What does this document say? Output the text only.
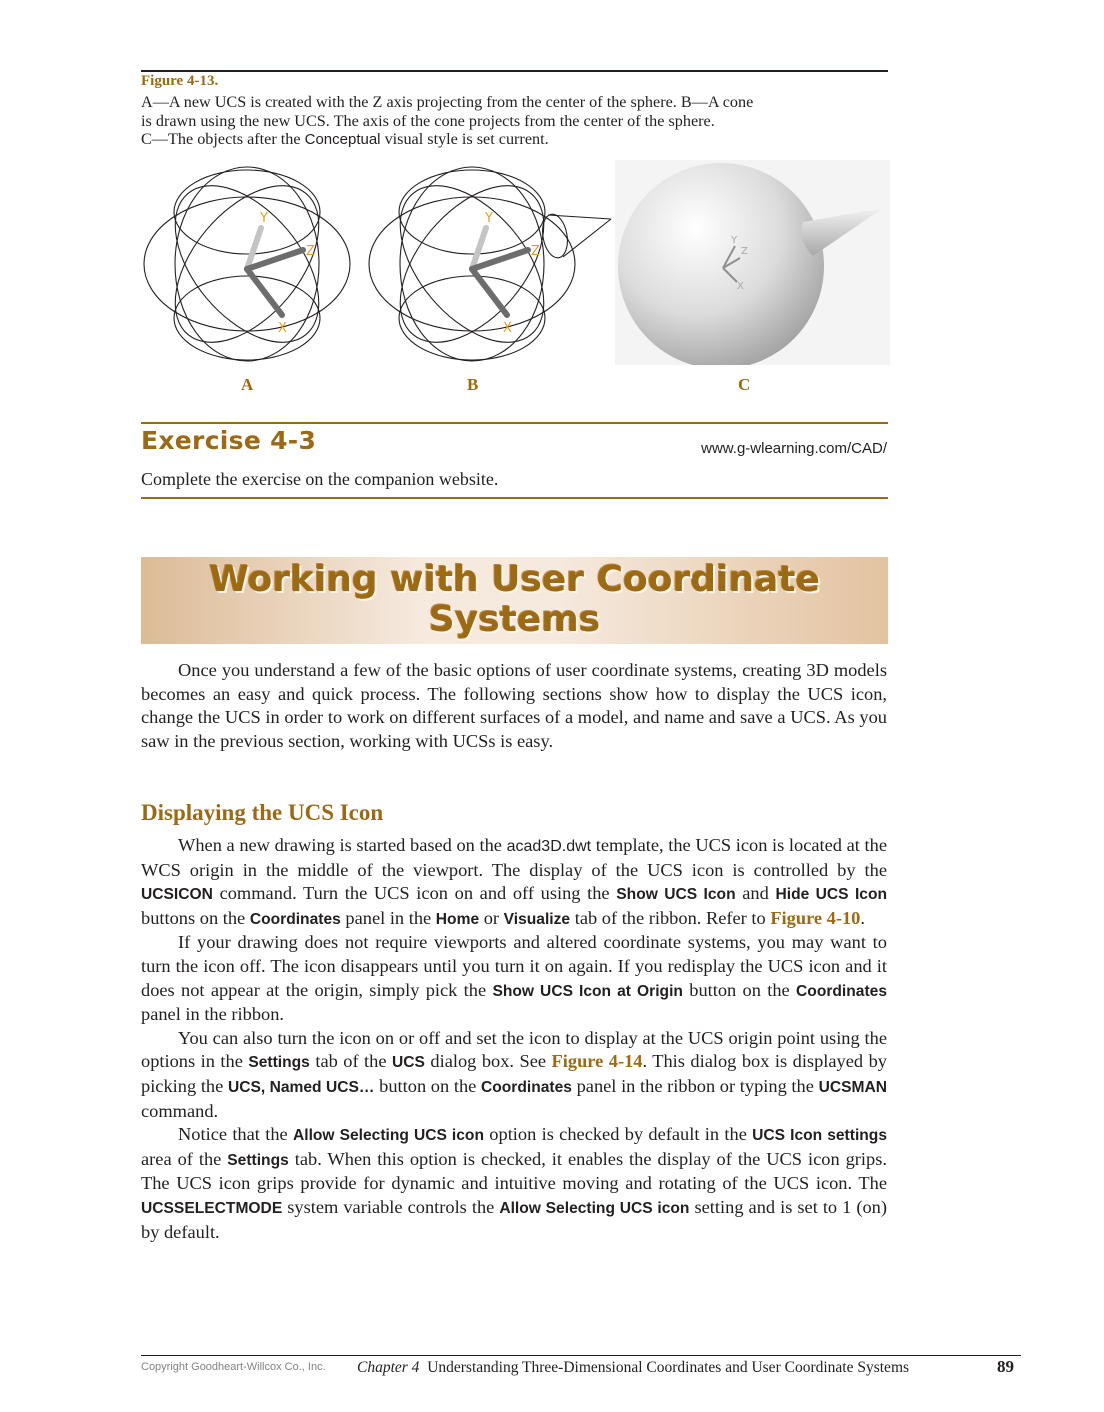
Figure 4-13.
A—A new UCS is created with the Z axis projecting from the center of the sphere. B—A cone
is drawn using the new UCS. The axis of the cone projects from the center of the sphere.
C—The objects after the Conceptual visual style is set current.
Y
Z
X
Y
Z
X
Y
Z
X
A	B	C
Exercise 4-3	www.g-wlearning.com/CAD/
Complete the exercise on the companion website.
Working with User Coordinate
Systems

Once you understand a few of the basic options of user coordinate systems, creating 3D models becomes an easy and quick process. The following sections show how to display the UCS icon, change the UCS in order to work on different surfaces of a model, and name and save a UCS. As you saw in the previous section, working with UCSs is easy.

Displaying the UCS Icon

When a new drawing is started based on the acad3D.dwt template, the UCS icon is located at the WCS origin in the middle of the viewport. The display of the UCS icon is controlled by the UCSICON command. Turn the UCS icon on and off using the Show UCS Icon and Hide UCS Icon buttons on the Coordinates panel in the Home or Visualize tab of the ribbon. Refer to Figure 4-10.

If your drawing does not require viewports and altered coordinate systems, you may want to turn the icon off. The icon disappears until you turn it on again. If you redisplay the UCS icon and it does not appear at the origin, simply pick the Show UCS Icon at Origin button on the Coordinates panel in the ribbon.

You can also turn the icon on or off and set the icon to display at the UCS origin point using the options in the Settings tab of the UCS dialog box. See Figure 4-14. This dialog box is displayed by picking the UCS, Named UCS… button on the Coordinates panel in the ribbon or typing the UCSMAN command.

Notice that the Allow Selecting UCS icon option is checked by default in the UCS Icon settings area of the Settings tab. When this option is checked, it enables the display of the UCS icon grips. The UCS icon grips provide for dynamic and intuitive moving and rotating of the UCS icon. The UCSSELECTMODE system variable controls the Allow Selecting UCS icon setting and is set to 1 (on) by default.

Copyright Goodheart-Willcox Co., Inc. Chapter 4 Understanding Three-Dimensional Coordinates and User Coordinate Systems	89
